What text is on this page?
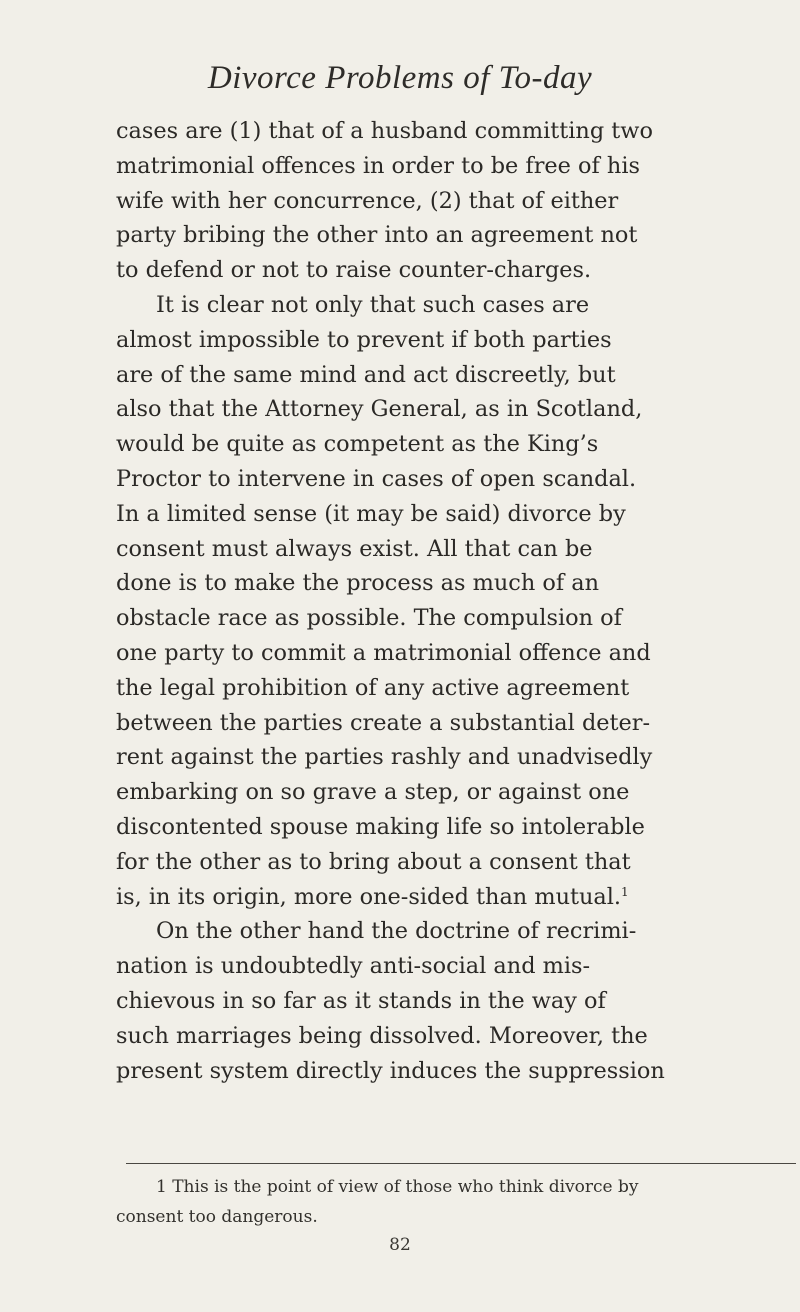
Divorce Problems of To-day
cases are (1) that of a husband committing two
matrimonial offences in order to be free of his
wife with her concurrence, (2) that of either
party bribing the other into an agreement not
to defend or not to raise counter-charges.
It is clear not only that such cases are
almost impossible to prevent if both parties
are of the same mind and act discreetly, but
also that the Attorney General, as in Scotland,
would be quite as competent as the King’s
Proctor to intervene in cases of open scandal.
In a limited sense (it may be said) divorce by
consent must always exist. All that can be
done is to make the process as much of an
obstacle race as possible. The compulsion of
one party to commit a matrimonial offence and
the legal prohibition of any active agreement
between the parties create a substantial deter-
rent against the parties rashly and unadvisedly
embarking on so grave a step, or against one
discontented spouse making life so intolerable
for the other as to bring about a consent that
is, in its origin, more one-sided than mutual.$^1$
On the other hand the doctrine of recrimi-
nation is undoubtedly anti-social and mis-
chievous in so far as it stands in the way of
such marriages being dissolved. Moreover, the
present system directly induces the suppression
1 This is the point of view of those who think divorce by
consent too dangerous.
82
